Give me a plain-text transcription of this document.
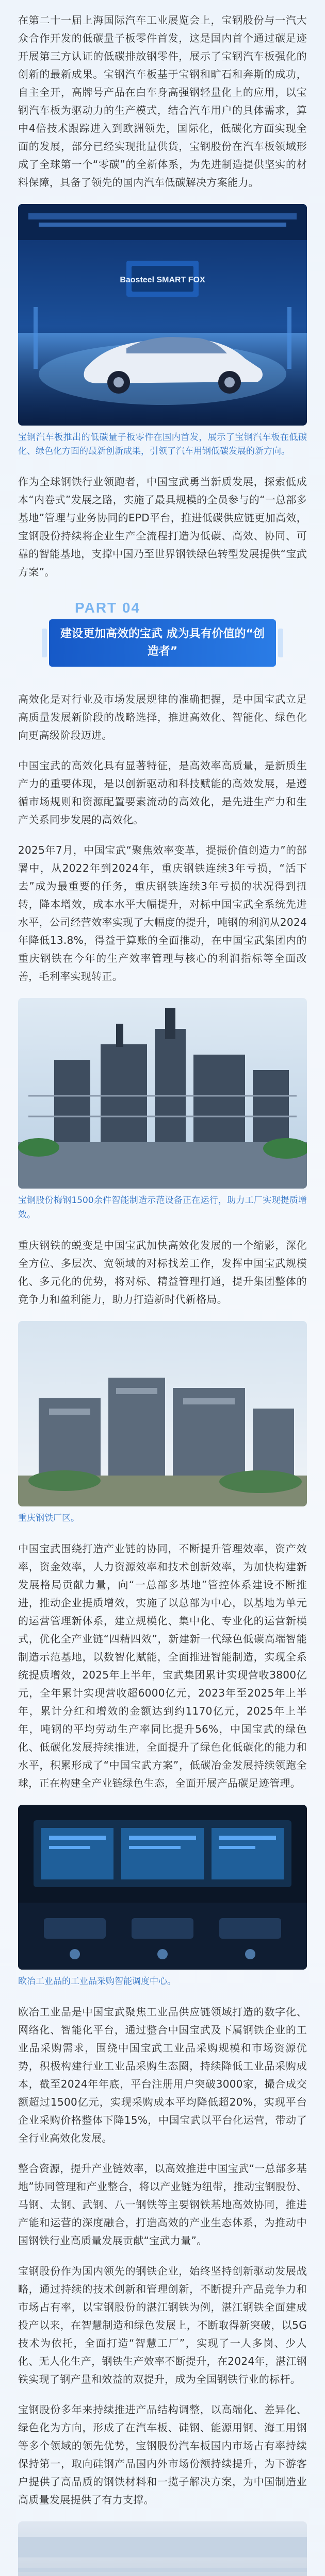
在第二十一届上海国际汽车工业展览会上，宝钢股份与一汽大众合作开发的低碳量子板零件首发，这是国内首个通过碳足迹开展第三方认证的低碳排放钢零件，展示了宝钢汽车板强化的创新的最新成果。宝钢汽车板基于宝钢和旷石和奔斯的成功，自主全开，高牌号产品在白车身高强钢轻量化上的应用，以宝钢汽车板为驱动力的生产模式，结合汽车用户的具体需求，算中4倍技术跟踪进入到欧洲领先，国际化，低碳化方面实现全面的发展，部分已经实现批量供货，宝钢股份在汽车板领域形成了全球第一个“零碳”的全新体系，为先进制造提供坚实的材料保障，具备了领先的国内汽车低碳解决方案能力。

Baosteel SMART FOX
宝钢汽车板推出的低碳量子板零件在国内首发，展示了宝钢汽车板在低碳化、绿色化方面的最新创新成果，引领了汽车用钢低碳发展的新方向。

作为全球钢铁行业领跑者，中国宝武勇当新质发展，探索低成本“内卷式”发展之路，实施了最具规模的全员参与的“一总部多基地”管理与业务协同的EPD平台，推进低碳供应链更加高效，宝钢股份持续将企业生产全流程打造为低碳、高效、协同、可靠的智能基地，支撑中国乃至世界钢铁绿色转型发展提供“宝武方案”。

PART 04
建设更加高效的宝武 成为具有价值的“创造者”

高效化是对行业及市场发展规律的准确把握，是中国宝武立足高质量发展新阶段的战略选择，推进高效化、智能化、绿色化向更高级阶段迈进。

中国宝武的高效化具有显著特征，是高效率高质量，是新质生产力的重要体现，是以创新驱动和科技赋能的高效发展，是遵循市场规则和资源配置要素流动的高效化，是先进生产力和生产关系同步发展的高效化。

2025年7月，中国宝武“聚焦效率变革，提振价值创造力”的部署中，从2022年到2024年，重庆钢铁连续3年亏损，“活下去”成为最重要的任务，重庆钢铁连续3年亏损的状况得到扭转，降本增效，成本水平大幅提升，对标中国宝武全系统先进水平，公司经营效率实现了大幅度的提升，吨钢的利润从2024年降低13.8%，得益于算账的全面推动，在中国宝武集团内的重庆钢铁在今年的生产效率管理与核心的利润指标等全面改善，毛利率实现转正。

宝钢股份梅钢1500余件智能制造示范设备正在运行，助力工厂实现提质增效。

重庆钢铁的蜕变是中国宝武加快高效化发展的一个缩影，深化全方位、多层次、宽领域的对标找差工作，发挥中国宝武规模化、多元化的优势，将对标、精益管理打通，提升集团整体的竞争力和盈利能力，助力打造新时代新格局。

重庆钢铁厂区。

中国宝武围绕打造产业链的协同，不断提升管理效率，资产效率，资金效率，人力资源效率和技术创新效率，为加快构建新发展格局贡献力量，向“一总部多基地”管控体系建设不断推进，推动企业提质增效，实施了以总部为中心，以基地为单元的运营管理新体系，建立规模化、集中化、专业化的运营新模式，优化全产业链“四精四效”，新建新一代绿色低碳高端智能制造示范基地，以数智化赋能，全面推进智能制造，实现全系统提质增效，2025年上半年，宝武集团累计实现营收3800亿元，全年累计实现营收超6000亿元，2023年至2025年上半年，累计分红和增效的金额达到约1170亿元，2025年上半年，吨钢的平均劳动生产率同比提升56%，中国宝武的绿色化、低碳化发展持续推进，全面提升了绿色化低碳化的能力和水平，积累形成了“中国宝武方案”，低碳冶金发展持续领跑全球，正在构建全产业链绿色生态，全面开展产品碳足迹管理。

欧冶工业品的工业品采购智能调度中心。

欧冶工业品是中国宝武聚焦工业品供应链领域打造的数字化、网络化、智能化平台，通过整合中国宝武及下属钢铁企业的工业品采购需求，围绕中国宝武工业品采购规模和市场资源优势，积极构建行业工业品采购生态圈，持续降低工业品采购成本，截至2024年年底，平台注册用户突破3000家，撮合成交额超过1500亿元，实现采购成本平均降低超20%，实现平台企业采购价格整体下降15%，中国宝武以平台化运营，带动了全行业高效化发展。

整合资源，提升产业链效率，以高效推进中国宝武“一总部多基地”协同管理和产业整合，将以产业链为纽带，推动宝钢股份、马钢、太钢、武钢、八一钢铁等主要钢铁基地高效协同，推进产能和运营的深度融合，打造高效的产业生态体系，为推动中国钢铁行业高质量发展贡献“宝武力量”。

宝钢股份作为国内领先的钢铁企业，始终坚持创新驱动发展战略，通过持续的技术创新和管理创新，不断提升产品竞争力和市场占有率，以宝钢股份的湛江钢铁为例，湛江钢铁全面建成投产以来，在智慧制造和绿色发展上，不断取得新突破，以5G技术为依托，全面打造“智慧工厂”，实现了一人多岗、少人化、无人化生产，钢铁生产效率不断提升，在2024年，湛江钢铁实现了钢产量和效益的双提升，成为全国钢铁行业的标杆。

宝钢股份多年来持续推进产品结构调整，以高端化、差异化、绿色化为方向，形成了在汽车板、硅钢、能源用钢、海工用钢等多个领域的领先优势，宝钢股份汽车板国内市场占有率持续保持第一，取向硅钢产品国内外市场份额持续提升，为下游客户提供了高品质的钢铁材料和一揽子解决方案，为中国制造业高质量发展提供了有力支撑。
